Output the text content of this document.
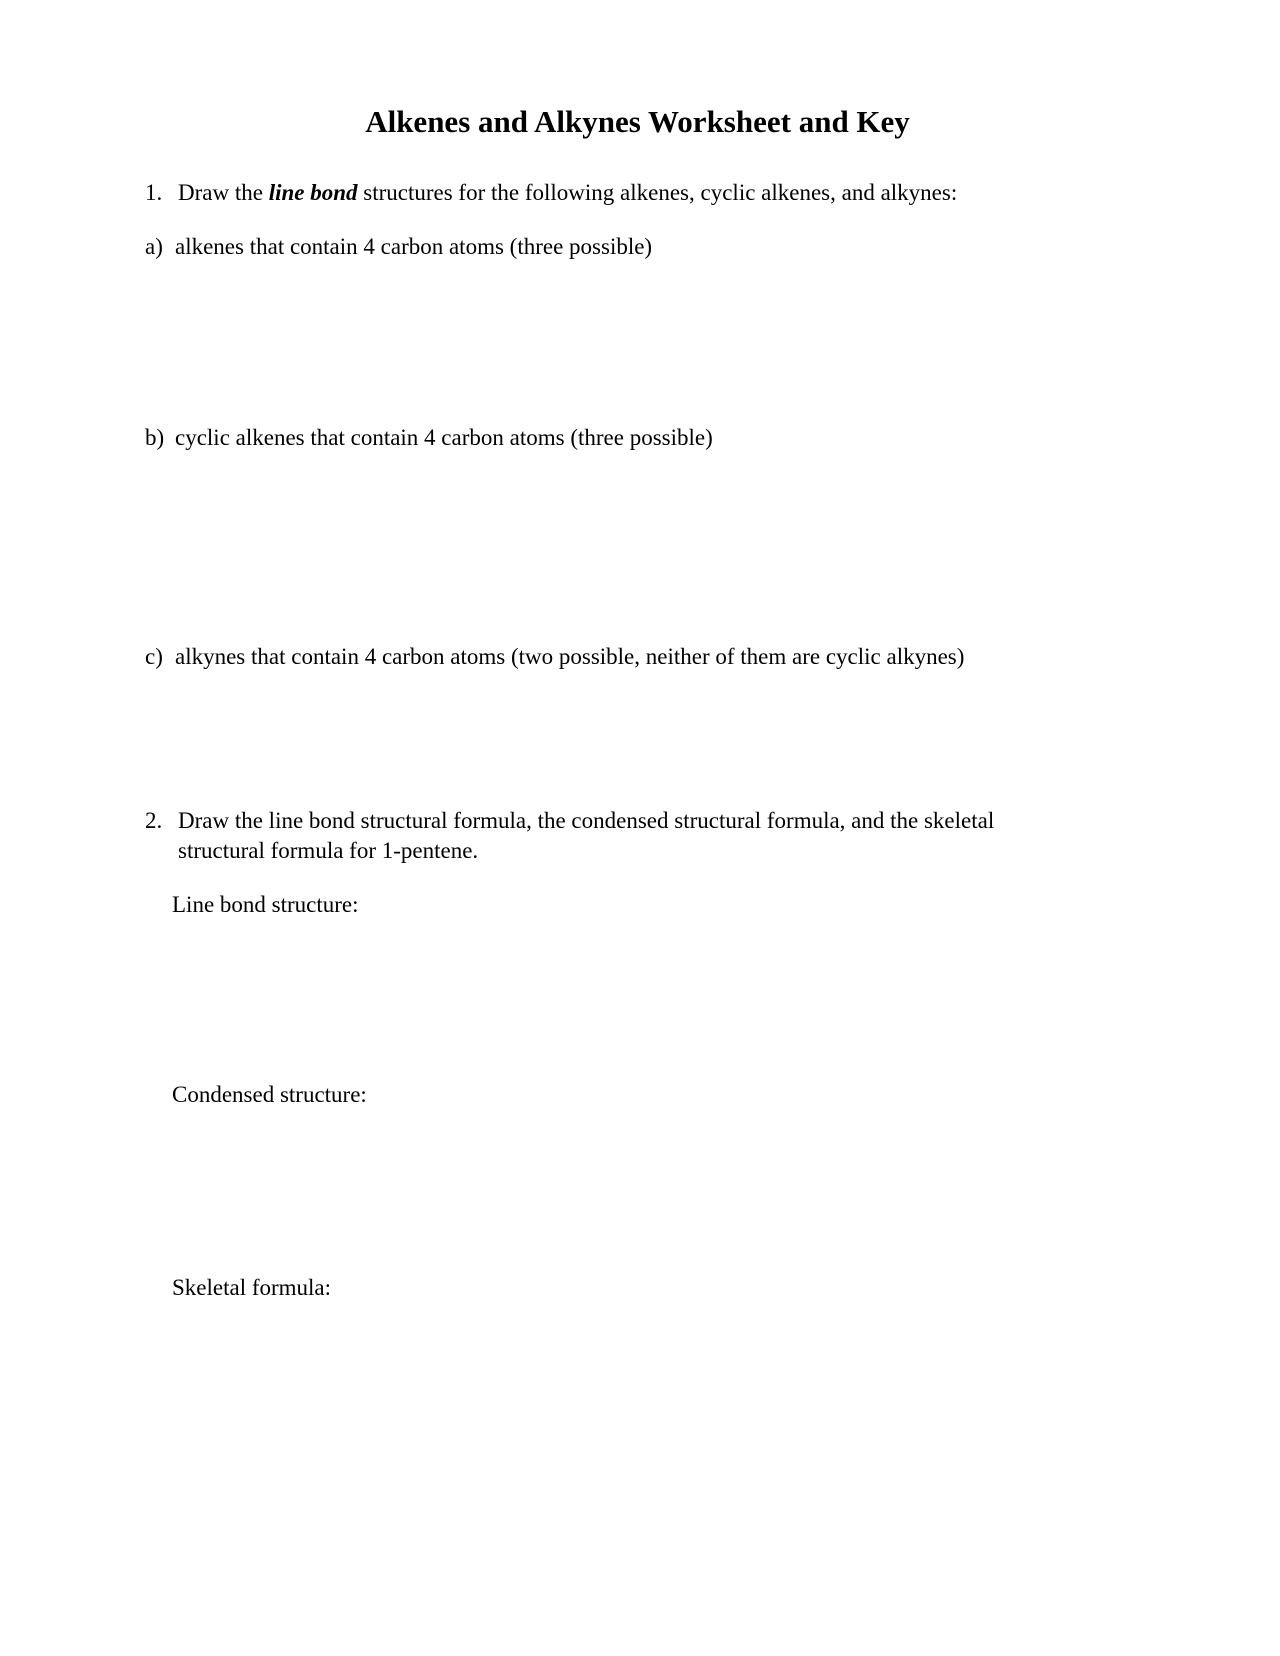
Alkenes and Alkynes Worksheet and Key
1. Draw the line bond structures for the following alkenes, cyclic alkenes, and alkynes:
a) alkenes that contain 4 carbon atoms (three possible)
b) cyclic alkenes that contain 4 carbon atoms (three possible)
c) alkynes that contain 4 carbon atoms (two possible, neither of them are cyclic alkynes)
2. Draw the line bond structural formula, the condensed structural formula, and the skeletal structural formula for 1-pentene.
Line bond structure:
Condensed structure:
Skeletal formula:
